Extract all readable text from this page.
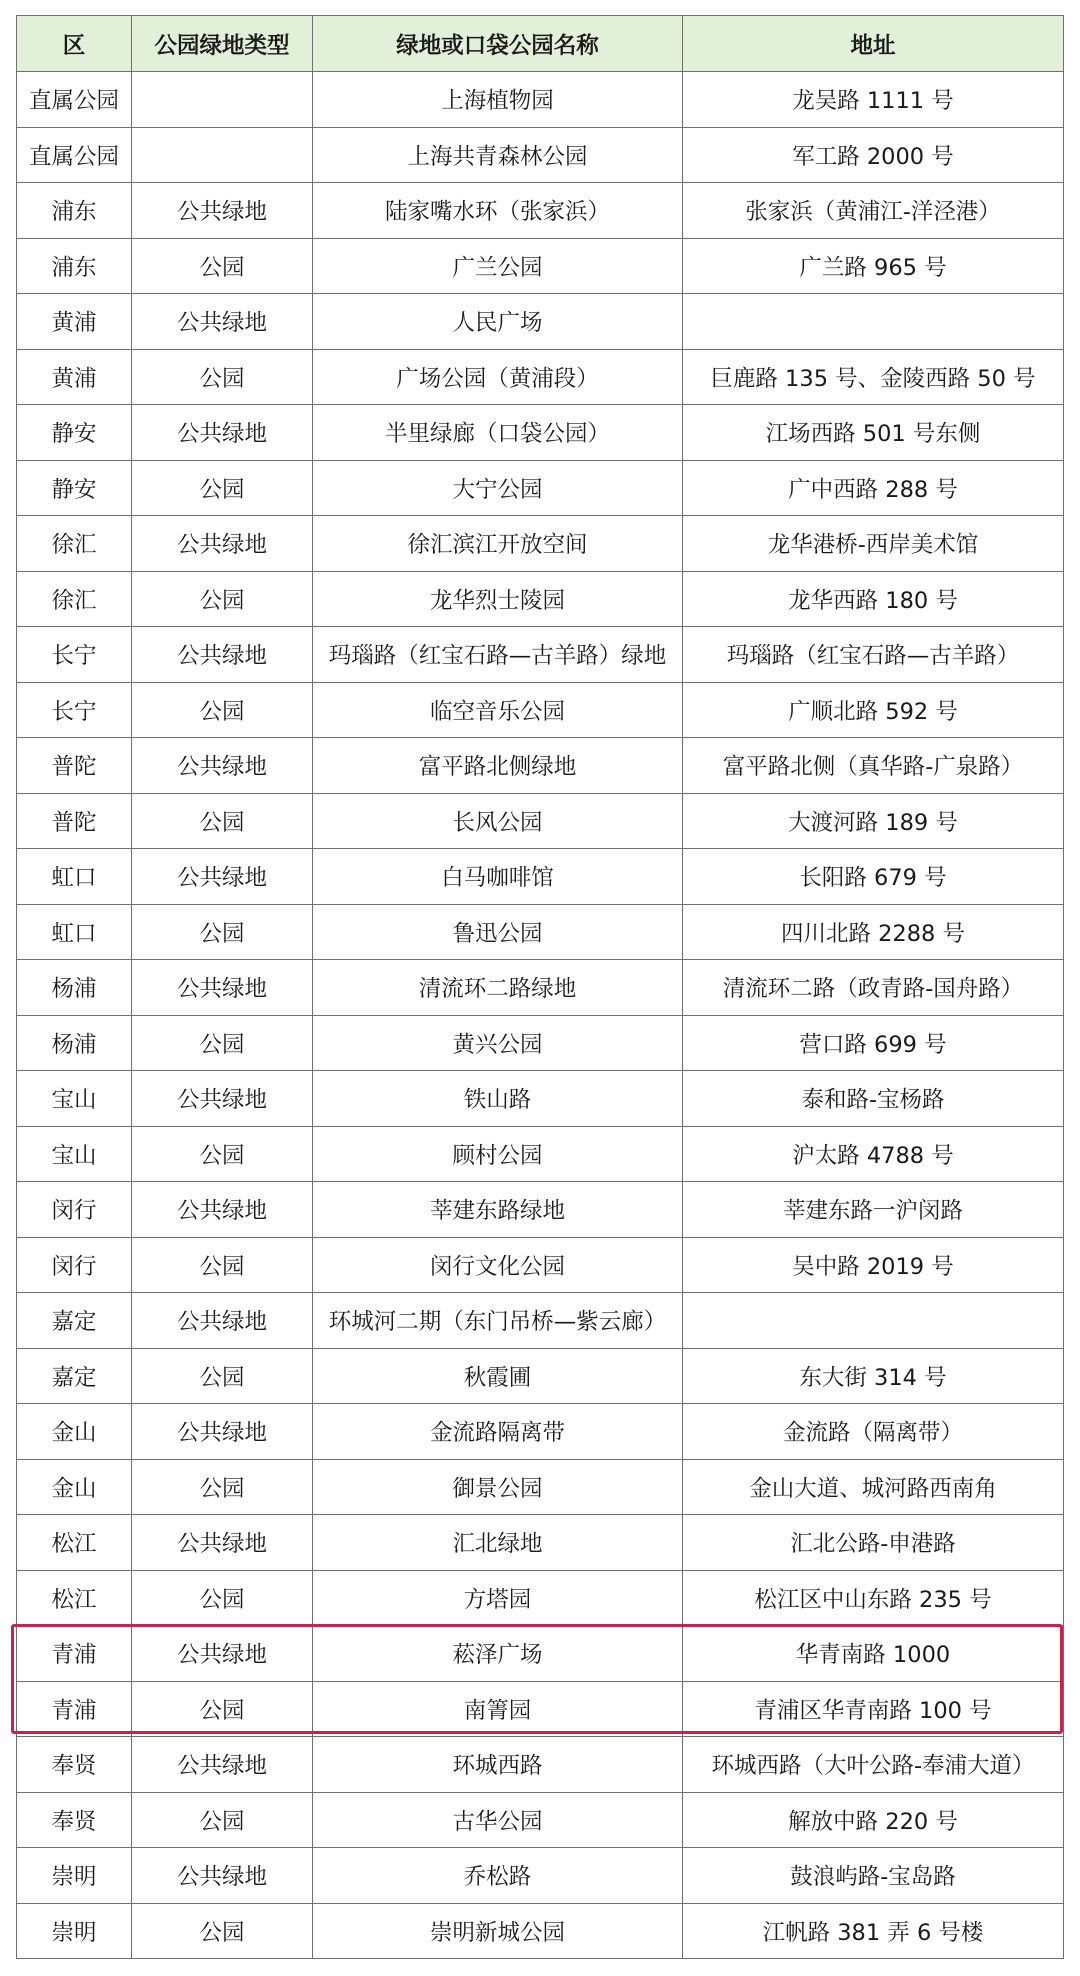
区	公园绿地类型	绿地或口袋公园名称	地址
直属公园		上海植物园	龙吴路 1111 号
直属公园		上海共青森林公园	军工路 2000 号
浦东	公共绿地	陆家嘴水环（张家浜）	张家浜（黄浦江-洋泾港）
浦东	公园	广兰公园	广兰路 965 号
黄浦	公共绿地	人民广场	
黄浦	公园	广场公园（黄浦段）	巨鹿路 135 号、金陵西路 50 号
静安	公共绿地	半里绿廊（口袋公园）	江场西路 501 号东侧
静安	公园	大宁公园	广中西路 288 号
徐汇	公共绿地	徐汇滨江开放空间	龙华港桥-西岸美术馆
徐汇	公园	龙华烈士陵园	龙华西路 180 号
长宁	公共绿地	玛瑙路（红宝石路—古羊路）绿地	玛瑙路（红宝石路—古羊路）
长宁	公园	临空音乐公园	广顺北路 592 号
普陀	公共绿地	富平路北侧绿地	富平路北侧（真华路-广泉路）
普陀	公园	长风公园	大渡河路 189 号
虹口	公共绿地	白马咖啡馆	长阳路 679 号
虹口	公园	鲁迅公园	四川北路 2288 号
杨浦	公共绿地	清流环二路绿地	清流环二路（政青路-国舟路）
杨浦	公园	黄兴公园	营口路 699 号
宝山	公共绿地	铁山路	泰和路-宝杨路
宝山	公园	顾村公园	沪太路 4788 号
闵行	公共绿地	莘建东路绿地	莘建东路一沪闵路
闵行	公园	闵行文化公园	吴中路 2019 号
嘉定	公共绿地	环城河二期（东门吊桥—紫云廊）	
嘉定	公园	秋霞圃	东大街 314 号
金山	公共绿地	金流路隔离带	金流路（隔离带）
金山	公园	御景公园	金山大道、城河路西南角
松江	公共绿地	汇北绿地	汇北公路-申港路
松江	公园	方塔园	松江区中山东路 235 号
青浦	公共绿地	菘泽广场	华青南路 1000
青浦	公园	南箐园	青浦区华青南路 100 号
奉贤	公共绿地	环城西路	环城西路（大叶公路-奉浦大道）
奉贤	公园	古华公园	解放中路 220 号
崇明	公共绿地	乔松路	鼓浪屿路-宝岛路
崇明	公园	崇明新城公园	江帆路 381 弄 6 号楼
